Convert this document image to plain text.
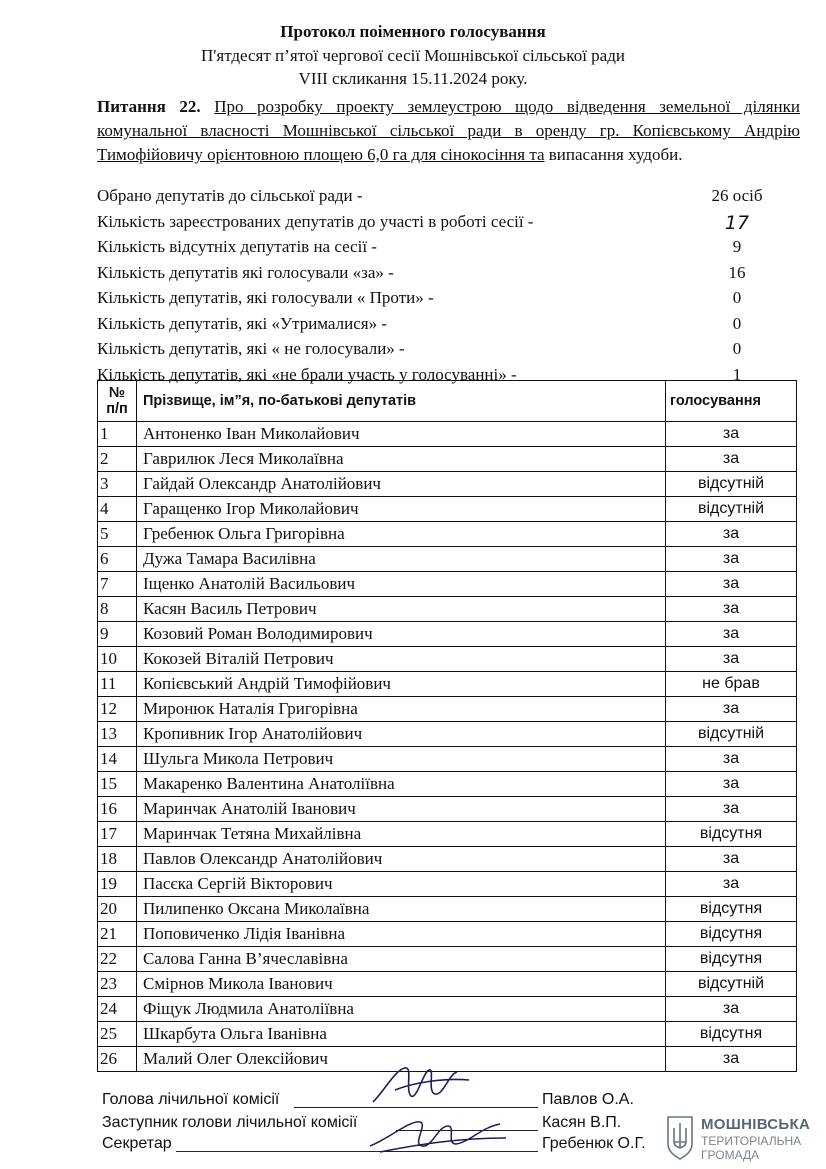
Протокол поіменного голосування
П'ятдесят п’ятої чергової сесії Мошнівської сільської ради
VIII скликання 15.11.2024 року.
Питання 22. Про розробку проекту землеустрою щодо відведення земельної ділянки комунальної власності Мошнівської сільської ради в оренду гр. Копієвському Андрію Тимофійовичу орієнтовною площею 6,0 га для сінокосіння та випасання худоби.
Обрано депутатів до сільської ради -	26 осіб
Кількість зареєстрованих депутатів до участі в роботі сесії -	17
Кількість відсутніх депутатів на сесії -	9
Кількість депутатів які голосували «за» -	16
Кількість депутатів, які голосували « Проти» -	0
Кількість депутатів, які «Утрималися» -	0
Кількість депутатів, які « не голосували» -	0
Кількість депутатів, які «не брали участь у голосуванні» -	1
№ п/п	Прізвище, ім”я, по-батькові депутатів	голосування
1	Антоненко Іван Миколайович	за
2	Гаврилюк Леся Миколаївна	за
3	Гайдай Олександр Анатолійович	відсутній
4	Гаращенко Ігор Миколайович	відсутній
5	Гребенюк Ольга Григорівна	за
6	Дужа Тамара Василівна	за
7	Іщенко Анатолій Васильович	за
8	Касян Василь Петрович	за
9	Козовий Роман Володимирович	за
10	Кокозей Віталій Петрович	за
11	Копієвський Андрій Тимофійович	не брав
12	Миронюк Наталія Григорівна	за
13	Кропивник Ігор Анатолійович	відсутній
14	Шульга Микола Петрович	за
15	Макаренко Валентина Анатоліївна	за
16	Маринчак Анатолій Іванович	за
17	Маринчак Тетяна Михайлівна	відсутня
18	Павлов Олександр Анатолійович	за
19	Пасєка Сергій Вікторович	за
20	Пилипенко Оксана Миколаївна	відсутня
21	Поповиченко Лідія Іванівна	відсутня
22	Салова Ганна В’ячеславівна	відсутня
23	Смірнов Микола Іванович	відсутній
24	Фіщук Людмила Анатоліївна	за
25	Шкарбута Ольга Іванівна	відсутня
26	Малий Олег Олексійович	за
Голова лічильної комісії	Павлов О.А.
Заступник голови лічильної комісії	Касян В.П.
Секретар	Гребенюк О.Г.
МОШНІВСЬКА
ТЕРИТОРІАЛЬНА
ГРОМАДА
